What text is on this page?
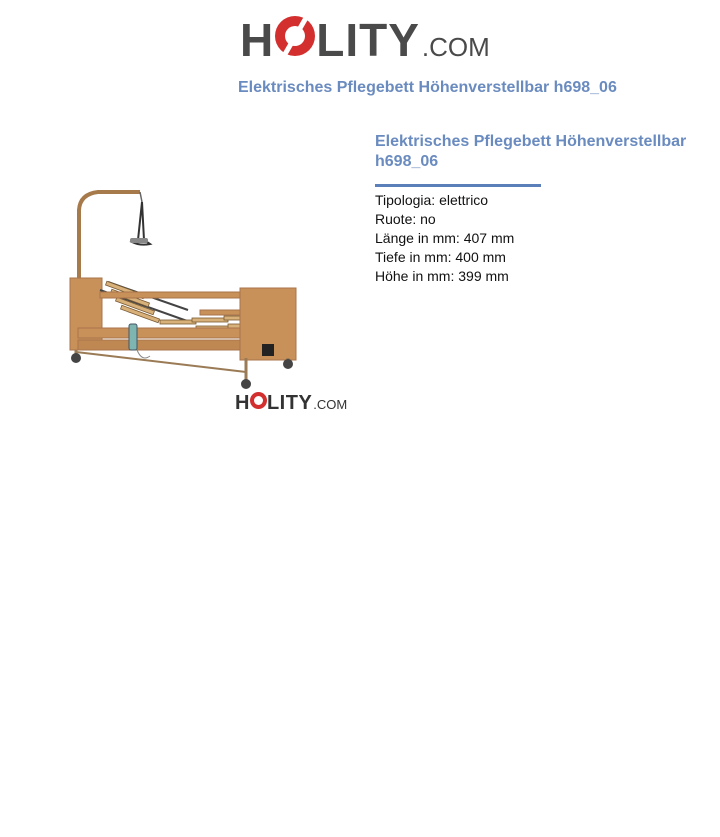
H LITY .COM
Elektrisches Pflegebett Höhenverstellbar h698_06
H LITY .COM

Elektrisches Pflegebett Höhenverstellbar h698_06

Tipologia: elettrico

Ruote: no

Länge in mm: 407 mm

Tiefe in mm: 400 mm

Höhe in mm: 399 mm
